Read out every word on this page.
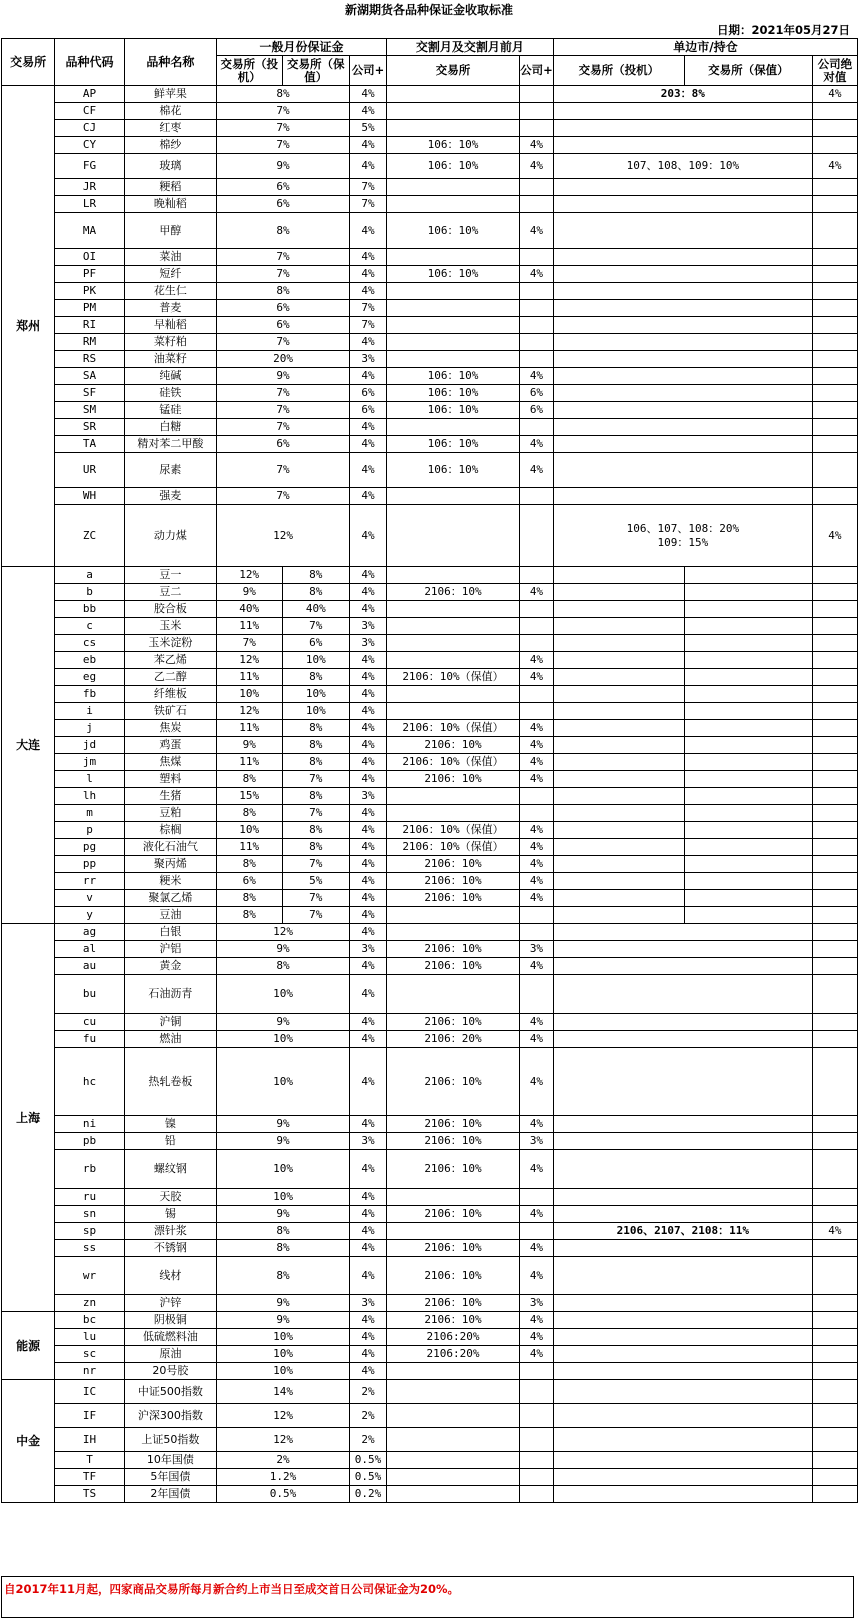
新湖期货各品种保证金收取标准
日期：2021年05月27日
交易所	品种代码	品种名称	一般月份保证金			交割月及交割月前月		单边市/持仓		
			交易所（投机）	交易所（保值）	公司+	交易所	公司+	交易所（投机）	交易所（保值）	公司绝对值
郑州	AP	鲜苹果	8%		4%			203：8%		4%
	CF	棉花	7%		4%					
	CJ	红枣	7%		5%					
	CY	棉纱	7%		4%	106：10%	4%			
	FG	玻璃	9%		4%	106：10%	4%	107、108、109：10%		4%
	JR	粳稻	6%		7%					
	LR	晚籼稻	6%		7%					
	MA	甲醇	8%		4%	106：10%	4%			
	OI	菜油	7%		4%					
	PF	短纤	7%		4%	106：10%	4%			
	PK	花生仁	8%		4%					
	PM	普麦	6%		7%					
	RI	早籼稻	6%		7%					
	RM	菜籽粕	7%		4%					
	RS	油菜籽	20%		3%					
	SA	纯碱	9%		4%	106：10%	4%			
	SF	硅铁	7%		6%	106：10%	6%			
	SM	锰硅	7%		6%	106：10%	6%			
	SR	白糖	7%		4%					
	TA	精对苯二甲酸	6%		4%	106：10%	4%			
	UR	尿素	7%		4%	106：10%	4%			
	WH	强麦	7%		4%					
	ZC	动力煤	12%		4%			106、107、108：20%
109：15%		4%
大连	a	豆一	12%	8%	4%					
	b	豆二	9%	8%	4%	2106：10%	4%			
	bb	胶合板	40%	40%	4%					
	c	玉米	11%	7%	3%					
	cs	玉米淀粉	7%	6%	3%					
	eb	苯乙烯	12%	10%	4%		4%			
	eg	乙二醇	11%	8%	4%	2106：10%（保值）	4%			
	fb	纤维板	10%	10%	4%					
	i	铁矿石	12%	10%	4%					
	j	焦炭	11%	8%	4%	2106：10%（保值）	4%			
	jd	鸡蛋	9%	8%	4%	2106：10%	4%			
	jm	焦煤	11%	8%	4%	2106：10%（保值）	4%			
	l	塑料	8%	7%	4%	2106：10%	4%			
	lh	生猪	15%	8%	3%					
	m	豆粕	8%	7%	4%					
	p	棕榈	10%	8%	4%	2106：10%（保值）	4%			
	pg	液化石油气	11%	8%	4%	2106：10%（保值）	4%			
	pp	聚丙烯	8%	7%	4%	2106：10%	4%			
	rr	粳米	6%	5%	4%	2106：10%	4%			
	v	聚氯乙烯	8%	7%	4%	2106：10%	4%			
	y	豆油	8%	7%	4%					
上海	ag	白银	12%		4%					
	al	沪铝	9%		3%	2106：10%	3%			
	au	黄金	8%		4%	2106：10%	4%			
	bu	石油沥青	10%		4%					
	cu	沪铜	9%		4%	2106：10%	4%			
	fu	燃油	10%		4%	2106：20%	4%			
	hc	热轧卷板	10%		4%	2106：10%	4%			
	ni	镍	9%		4%	2106：10%	4%			
	pb	铅	9%		3%	2106：10%	3%			
	rb	螺纹钢	10%		4%	2106：10%	4%			
	ru	天胶	10%		4%					
	sn	锡	9%		4%	2106：10%	4%			
	sp	漂针浆	8%		4%			2106、2107、2108：11%		4%
	ss	不锈钢	8%		4%	2106：10%	4%			
	wr	线材	8%		4%	2106：10%	4%			
	zn	沪锌	9%		3%	2106：10%	3%			
能源	bc	阴极铜	9%		4%	2106：10%	4%			
	lu	低硫燃料油	10%		4%	2106:20%	4%			
	sc	原油	10%		4%	2106:20%	4%			
	nr	20号胶	10%		4%					
中金	IC	中证500指数	14%		2%					
	IF	沪深300指数	12%		2%					
	IH	上证50指数	12%		2%					
	T	10年国债	2%		0.5%					
	TF	5年国债	1.2%		0.5%					
	TS	2年国债	0.5%		0.2%					
自2017年11月起，四家商品交易所每月新合约上市当日至成交首日公司保证金为20%。
